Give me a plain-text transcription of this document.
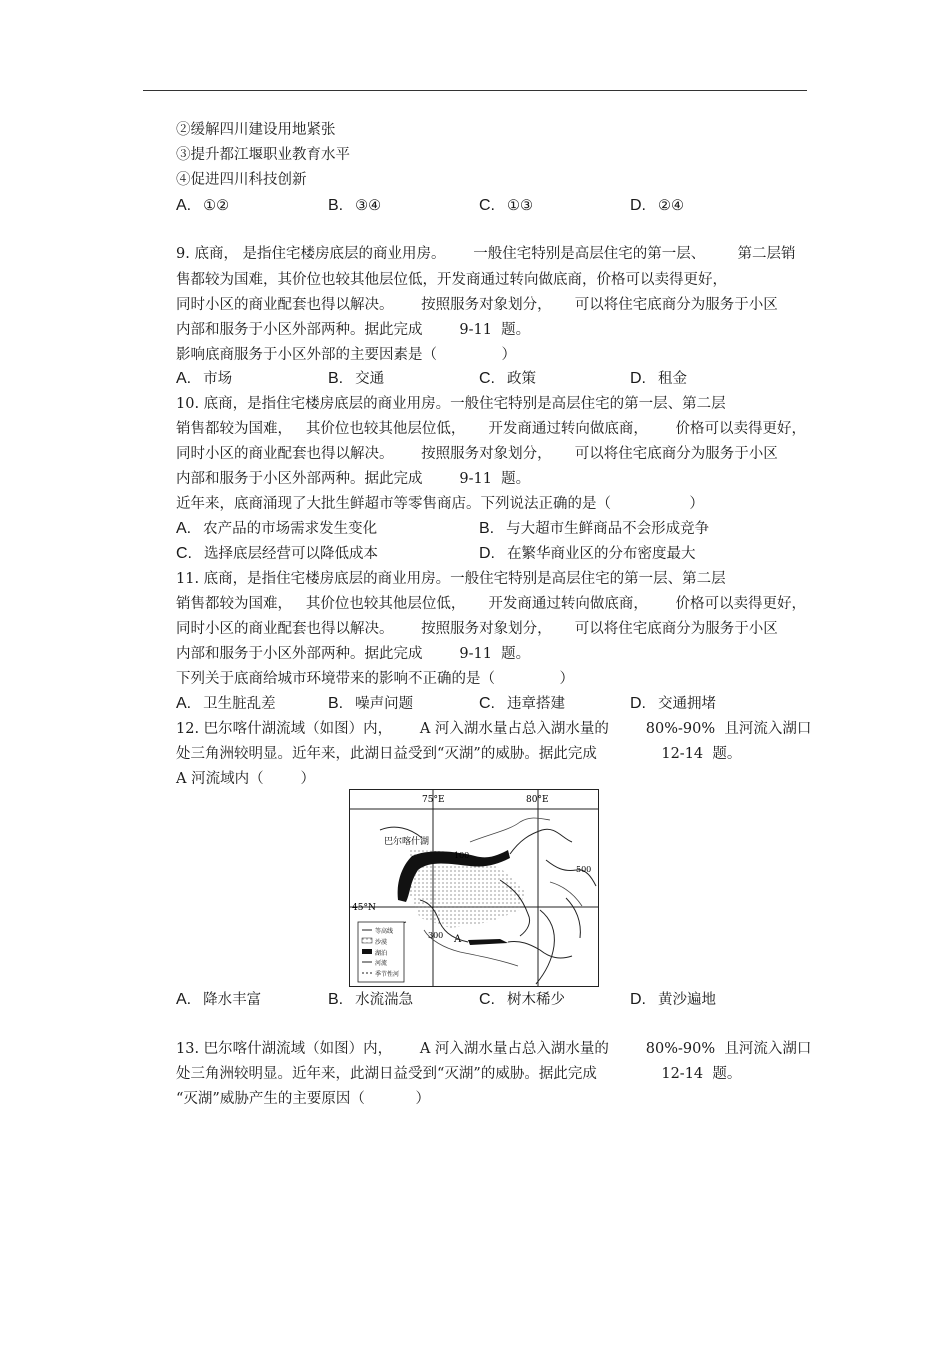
②缓解四川建设用地紧张
③提升都江堰职业教育水平
④促进四川科技创新
A. ①②	B. ③④	C. ①③	D. ②④
9. 底商， 是指住宅楼房底层的商业用房。      一般住宅特别是高层住宅的第一层、       第二层销
售都较为国难，其价位也较其他层位低，开发商通过转向做底商，价格可以卖得更好，
同时小区的商业配套也得以解决。      按照服务对象划分，     可以将住宅底商分为服务于小区
内部和服务于小区外部两种。据此完成        9-11  题。
影响底商服务于小区外部的主要因素是（              ）
A. 市场	B. 交通	C. 政策	D. 租金
10. 底商，是指住宅楼房底层的商业用房。一般住宅特别是高层住宅的第一层、第二层
销售都较为国难，   其价位也较其他层位低，     开发商通过转向做底商，      价格可以卖得更好，
同时小区的商业配套也得以解决。      按照服务对象划分，     可以将住宅底商分为服务于小区
内部和服务于小区外部两种。据此完成        9-11  题。
近年来，底商涌现了大批生鲜超市等零售商店。下列说法正确的是（                 ）
A. 农产品的市场需求发生变化	B. 与大超市生鲜商品不会形成竞争
C. 选择底层经营可以降低成本	D. 在繁华商业区的分布密度最大
11. 底商，是指住宅楼房底层的商业用房。一般住宅特别是高层住宅的第一层、第二层
销售都较为国难，   其价位也较其他层位低，     开发商通过转向做底商，      价格可以卖得更好，
同时小区的商业配套也得以解决。      按照服务对象划分，     可以将住宅底商分为服务于小区
内部和服务于小区外部两种。据此完成        9-11  题。
下列关于底商给城市环境带来的影响不正确的是（              ）
A. 卫生脏乱差	B. 噪声问题	C. 违章搭建	D. 交通拥堵
12. 巴尔喀什湖流域（如图）内，      A 河入湖水量占总入湖水量的        80%-90%  且河流入湖口
处三角洲较明显。近年来，此湖日益受到“灭湖”的威胁。据此完成              12-14  题。
A 河流域内（        ）
等高线
沙漠
湖泊
河流
季节性河
75°E	80°E
45°N
巴尔喀什湖
100
500
300 A
A. 降水丰富	B. 水流湍急	C. 树木稀少	D. 黄沙遍地
13. 巴尔喀什湖流域（如图）内，      A 河入湖水量占总入湖水量的        80%-90%  且河流入湖口
处三角洲较明显。近年来，此湖日益受到“灭湖”的威胁。据此完成              12-14  题。
“灭湖”威胁产生的主要原因（           ）
